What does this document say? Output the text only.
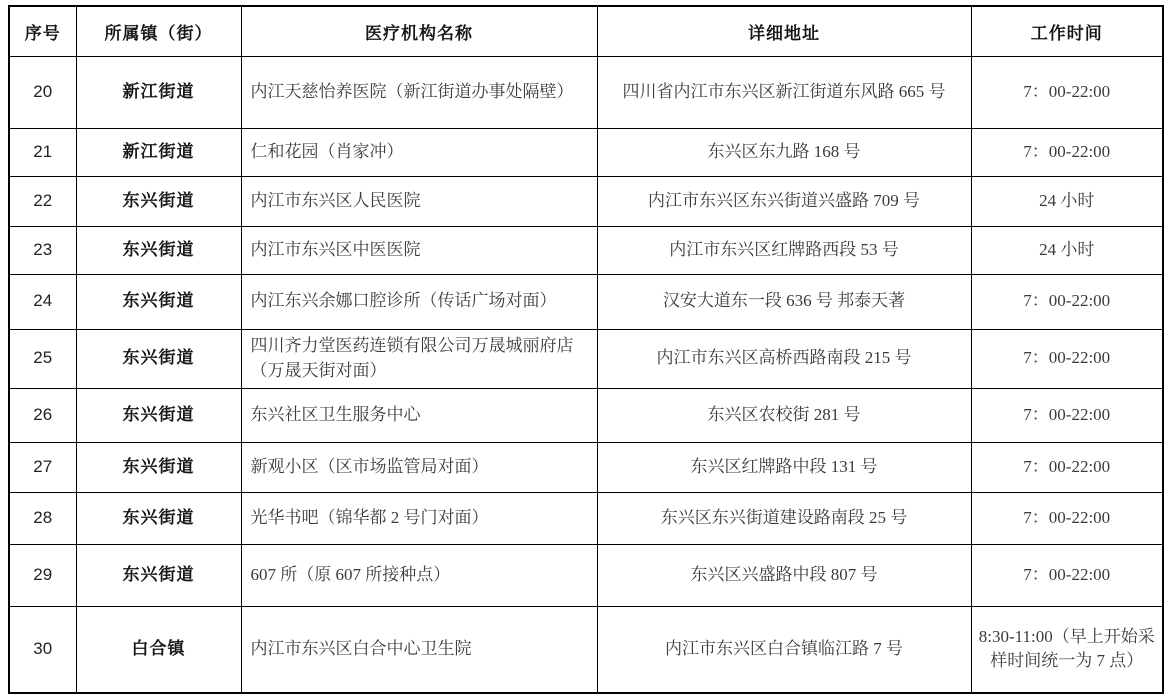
序号	所属镇（街）	医疗机构名称	详细地址	工作时间
20	新江街道	内江天慈怡养医院（新江街道办事处隔壁）	四川省内江市东兴区新江街道东风路 665 号	7：00-22:00
21	新江街道	仁和花园（肖家冲）	东兴区东九路 168 号	7：00-22:00
22	东兴街道	内江市东兴区人民医院	内江市东兴区东兴街道兴盛路 709 号	24 小时
23	东兴街道	内江市东兴区中医医院	内江市东兴区红牌路西段 53 号	24 小时
24	东兴街道	内江东兴余娜口腔诊所（传话广场对面）	汉安大道东一段 636 号 邦泰天著	7：00-22:00
25	东兴街道	四川齐力堂医药连锁有限公司万晟城丽府店（万晟天街对面）	内江市东兴区高桥西路南段 215 号	7：00-22:00
26	东兴街道	东兴社区卫生服务中心	东兴区农校街 281 号	7：00-22:00
27	东兴街道	新观小区（区市场监管局对面）	东兴区红牌路中段 131 号	7：00-22:00
28	东兴街道	光华书吧（锦华都 2 号门对面）	东兴区东兴街道建设路南段 25 号	7：00-22:00
29	东兴街道	607 所（原 607 所接种点）	东兴区兴盛路中段 807 号	7：00-22:00
30	白合镇	内江市东兴区白合中心卫生院	内江市东兴区白合镇临江路 7 号	8:30-11:00（早上开始采样时间统一为 7 点）
